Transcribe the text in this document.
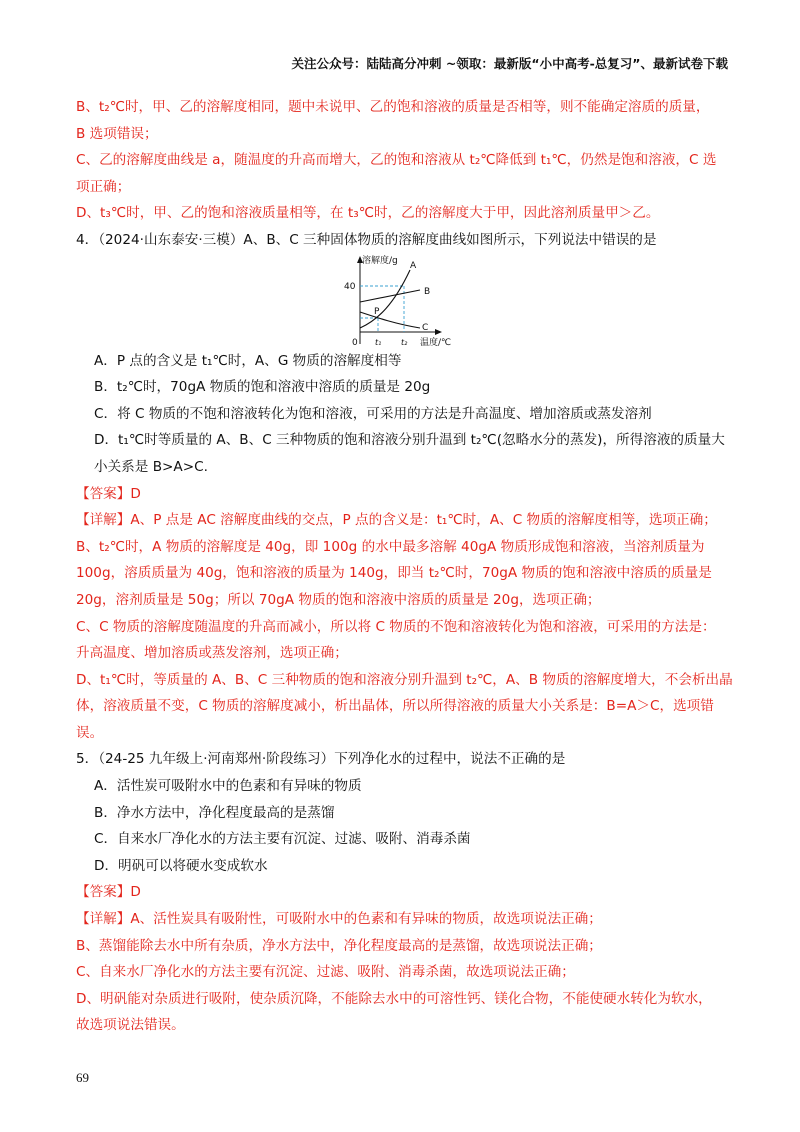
关注公众号：陆陆高分冲刺 ~领取：最新版“小中高考-总复习”、最新试卷下载
B、t₂℃时，甲、乙的溶解度相同，题中未说甲、乙的饱和溶液的质量是否相等，则不能确定溶质的质量，
B 选项错误；
C、乙的溶解度曲线是 a，随温度的升高而增大，乙的饱和溶液从 t₂℃降低到 t₁℃，仍然是饱和溶液，C 选
项正确；
D、t₃℃时，甲、乙的饱和溶液质量相等，在 t₃℃时，乙的溶解度大于甲，因此溶剂质量甲＞乙。
4．（2024·山东泰安·三模）A、B、C 三种固体物质的溶解度曲线如图所示，下列说法中错误的是
A．P 点的含义是 t₁℃时，A、G 物质的溶解度相等
B．t₂℃时，70gA 物质的饱和溶液中溶质的质量是 20g
C．将 C 物质的不饱和溶液转化为饱和溶液，可采用的方法是升高温度、增加溶质或蒸发溶剂
D．t₁℃时等质量的 A、B、C 三种物质的饱和溶液分别升温到 t₂℃(忽略水分的蒸发)，所得溶液的质量大
小关系是 B>A>C.
【答案】D
【详解】A、P 点是 AC 溶解度曲线的交点，P 点的含义是：t₁℃时，A、C 物质的溶解度相等，选项正确；
B、t₂℃时，A 物质的溶解度是 40g，即 100g 的水中最多溶解 40gA 物质形成饱和溶液，当溶剂质量为
100g，溶质质量为 40g，饱和溶液的质量为 140g，即当 t₂℃时，70gA 物质的饱和溶液中溶质的质量是
20g，溶剂质量是 50g；所以 70gA 物质的饱和溶液中溶质的质量是 20g，选项正确；
C、C 物质的溶解度随温度的升高而减小，所以将 C 物质的不饱和溶液转化为饱和溶液，可采用的方法是：
升高温度、增加溶质或蒸发溶剂，选项正确；
D、t₁℃时，等质量的 A、B、C 三种物质的饱和溶液分别升温到 t₂℃，A、B 物质的溶解度增大，不会析出晶
体，溶液质量不变，C 物质的溶解度减小，析出晶体，所以所得溶液的质量大小关系是：B=A＞C，选项错
误。
5．（24-25 九年级上·河南郑州·阶段练习）下列净化水的过程中，说法不正确的是
A．活性炭可吸附水中的色素和有异味的物质
B．净水方法中，净化程度最高的是蒸馏
C．自来水厂净化水的方法主要有沉淀、过滤、吸附、消毒杀菌
D．明矾可以将硬水变成软水
【答案】D
【详解】A、活性炭具有吸附性，可吸附水中的色素和有异味的物质，故选项说法正确；
B、蒸馏能除去水中所有杂质，净水方法中，净化程度最高的是蒸馏，故选项说法正确；
C、自来水厂净化水的方法主要有沉淀、过滤、吸附、消毒杀菌，故选项说法正确；
D、明矾能对杂质进行吸附，使杂质沉降，不能除去水中的可溶性钙、镁化合物，不能使硬水转化为软水，
故选项说法错误。
溶解度/g
40
0 t₁ t₂ 温度/℃
A
B
C
P
69
